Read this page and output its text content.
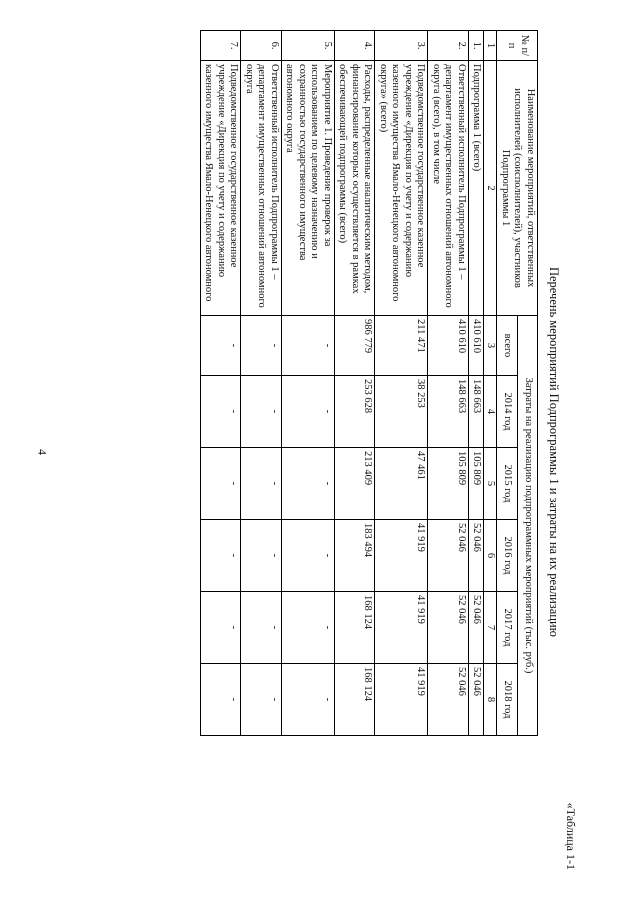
4
«Таблица 1-1
Перечень мероприятий Подпрограммы 1 и затраты на их реализацию
№ п/п	Наименование мероприятий, ответственных исполнителей (соисполнителей), участников Подпрограммы 1	Затраты на реализацию подпрограммных мероприятий (тыс. руб.)					
		всего	2014 год	2015 год	2016 год	2017 год	2018 год
1	2	3	4	5	6	7	8
1.	Подпрограмма 1 (всего)	410 610	148 663	105 809	52 046	52 046	52 046
2.	Ответственный исполнитель Подпрограммы 1 – департамент имущественных отношений автономного округа (всего), в том числе	410 610	148 663	105 809	52 046	52 046	52 046
3.	Подведомственное государственное казенное учреждение «Дирекция по учету и содержанию казенного имущества Ямало-Ненецкого автономного округа» (всего)	211 471	38 253	47 461	41 919	41 919	41 919
4.	Расходы, распределенные аналитическим методом, финансирование которых осуществляется в рамках обеспечивающей подпрограммы (всего)	986 779	253 628	213 409	183 494	168 124	168 124
5.	Мероприятие 1. Проведение проверок за использованием по целевому назначению и сохранностью государственного имущества автономного округа	-	-	-	-	-	-
6.	Ответственный исполнитель Подпрограммы 1 – департамент имущественных отношений автономного округа	-	-	-	-	-	-
7.	Подведомственное государственное казенное учреждение «Дирекция по учету и содержанию казенного имущества Ямало-Ненецкого автономного	-	-	-	-	-	-
